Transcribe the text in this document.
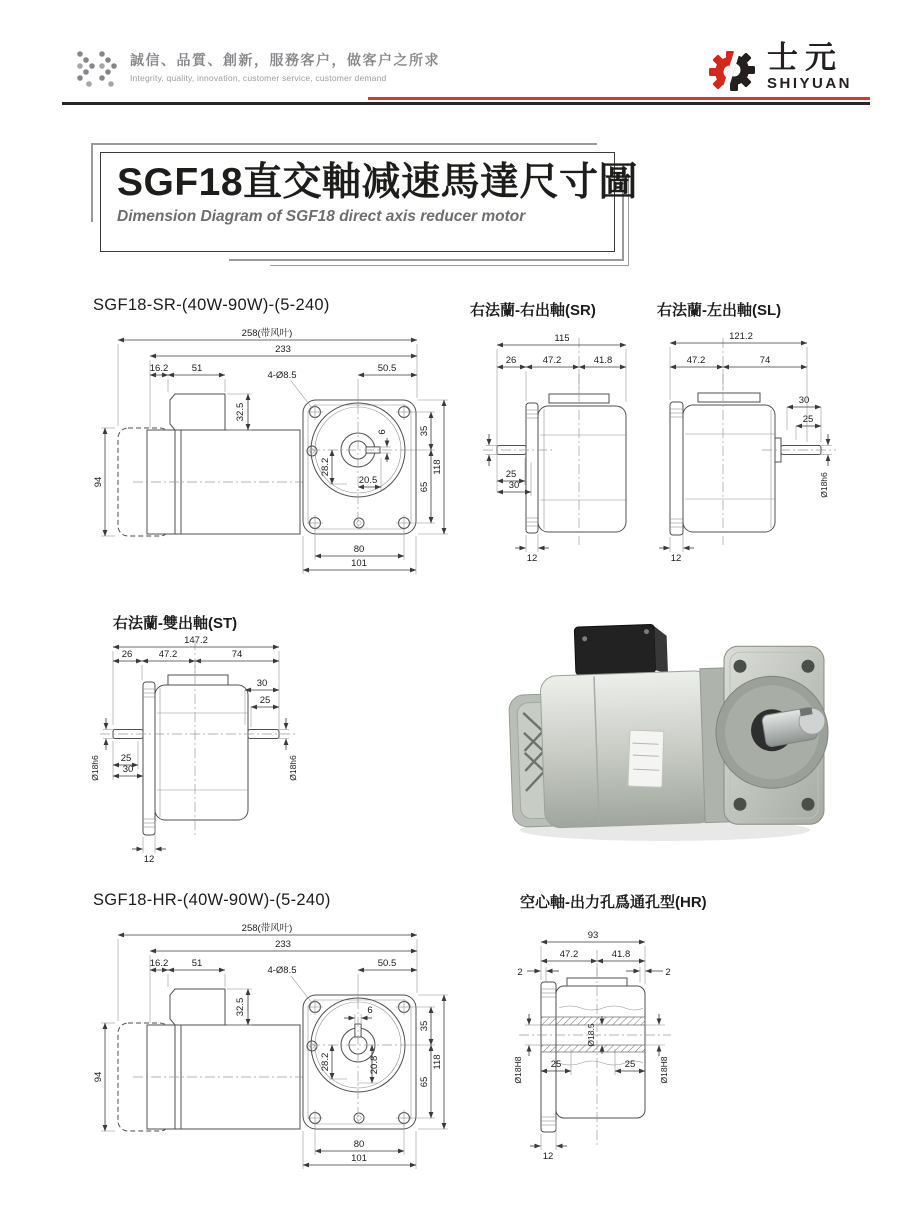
誠信、品質、創新，服務客户，做客户之所求
Integrity, quality, innovation, customer service, customer demand
士元
SHIYUAN
SGF18直交軸减速馬達尺寸圖
Dimension Diagram of SGF18 direct axis reducer motor
SGF18-SR-(40W-90W)-(5-240)	右法蘭-右出軸(SR)	右法蘭-左出軸(SL)
右法蘭-雙出軸(ST)
SGF18-HR-(40W-90W)-(5-240)	空心軸-出力孔爲通孔型(HR)
258(带风叶)
233
16.2 51	50.5
4-Ø8.5
32.5
94
6
28.2
20.5
35
65
118
80
101
115
26	47.2	41.8
25
30
12
121.2
47.2	74
30
25
Ø18h6
12
147.2
26	47.2	74
Ø18h6 25
30
30
25
Ø18h6
12
258(带风叶)
233
16.2 51	50.5
4-Ø8.5
32.5
94
6
28.2	20.8
35
65
118
80
101
93
47.2	41.8
2	2
Ø18.5
Ø18H8	Ø18H8
25	25
12
